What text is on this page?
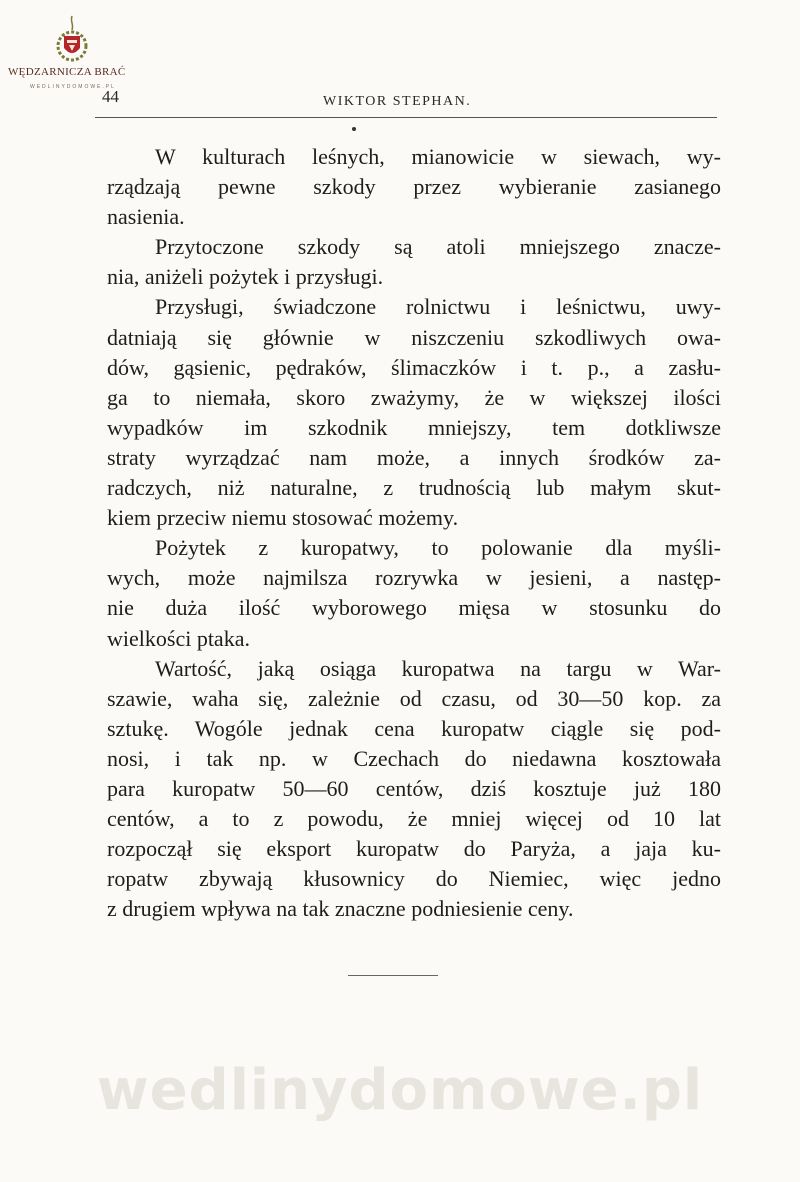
WĘDZARNICZA BRAĆ
WEDLINYDOMOWE.PL
44	WIKTOR STEPHAN.
W kulturach leśnych, mianowicie w siewach, wy-
rządzają pewne szkody przez wybieranie zasianego
nasienia.
Przytoczone szkody są atoli mniejszego znacze-
nia, aniżeli pożytek i przysługi.
Przysługi, świadczone rolnictwu i leśnictwu, uwy-
datniają się głównie w niszczeniu szkodliwych owa-
dów, gąsienic, pędraków, ślimaczków i t. p., a zasłu-
ga to niemała, skoro zważymy, że w większej ilości
wypadków im szkodnik mniejszy, tem dotkliwsze
straty wyrządzać nam może, a innych środków za-
radczych, niż naturalne, z trudnością lub małym skut-
kiem przeciw niemu stosować możemy.
Pożytek z kuropatwy, to polowanie dla myśli-
wych, może najmilsza rozrywka w jesieni, a następ-
nie duża ilość wyborowego mięsa w stosunku do
wielkości ptaka.
Wartość, jaką osiąga kuropatwa na targu w War-
szawie, waha się, zależnie od czasu, od 30—50 kop. za
sztukę. Wogóle jednak cena kuropatw ciągle się pod-
nosi, i tak np. w Czechach do niedawna kosztowała
para kuropatw 50—60 centów, dziś kosztuje już 180
centów, a to z powodu, że mniej więcej od 10 lat
rozpoczął się eksport kuropatw do Paryża, a jaja ku-
ropatw zbywają kłusownicy do Niemiec, więc jedno
z drugiem wpływa na tak znaczne podniesienie ceny.
wedlinydomowe.pl
